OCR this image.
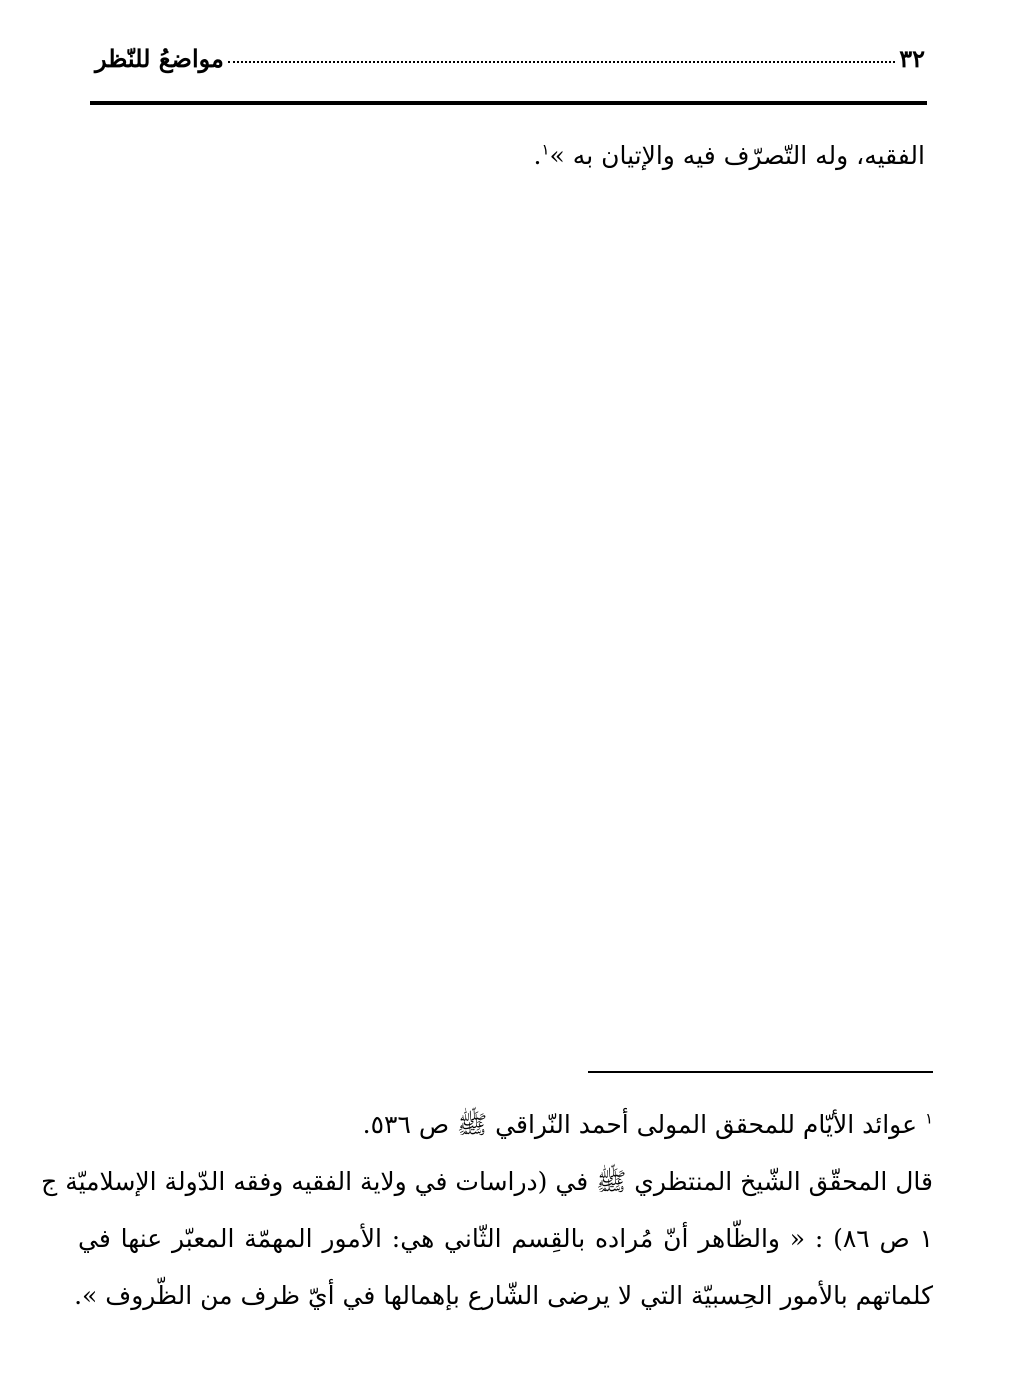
٣٢
مواضعُ للنّظر
الفقيه، وله التّصرّف فيه والإتيان به »$^١$.
$^١$ عوائد الأيّام للمحقق المولى أحمد النّراقي ﷺ ص ٥٣٦.
قال المحقّق الشّيخ المنتظري ﷺ في (دراسات في ولاية الفقيه وفقه الدّولة الإسلاميّة ج
١ ص ٨٦) : « والظّاهر أنّ مُراده بالقِسم الثّاني هي: الأمور المهمّة المعبّر عنها في
كلماتهم بالأمور الحِسبيّة التي لا يرضى الشّارع بإهمالها في أيّ ظرف من الظّروف ».
